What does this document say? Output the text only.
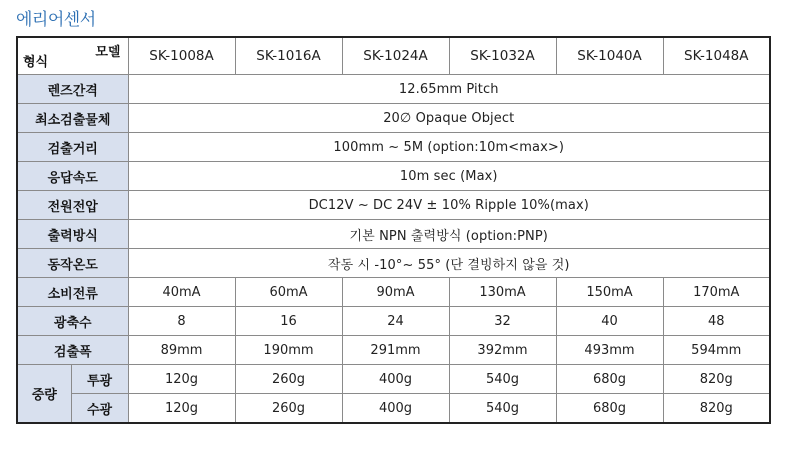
에리어센서
모델
형식		SK-1008A	SK-1016A	SK-1024A	SK-1032A	SK-1040A	SK-1048A
렌즈간격		12.65mm Pitch					
최소검출물체		20∅ Opaque Object					
검출거리		100mm ~ 5M (option:10m<max>)					
응답속도		10m sec (Max)					
전원전압		DC12V ~ DC 24V ± 10% Ripple 10%(max)					
출력방식		기본 NPN 출력방식 (option:PNP)					
동작온도		작동 시 -10°~ 55° (단 결빙하지 않을 것)					
소비전류		40mA	60mA	90mA	130mA	150mA	170mA
광축수		8	16	24	32	40	48
검출폭		89mm	190mm	291mm	392mm	493mm	594mm
중량	투광	120g	260g	400g	540g	680g	820g
	수광	120g	260g	400g	540g	680g	820g
